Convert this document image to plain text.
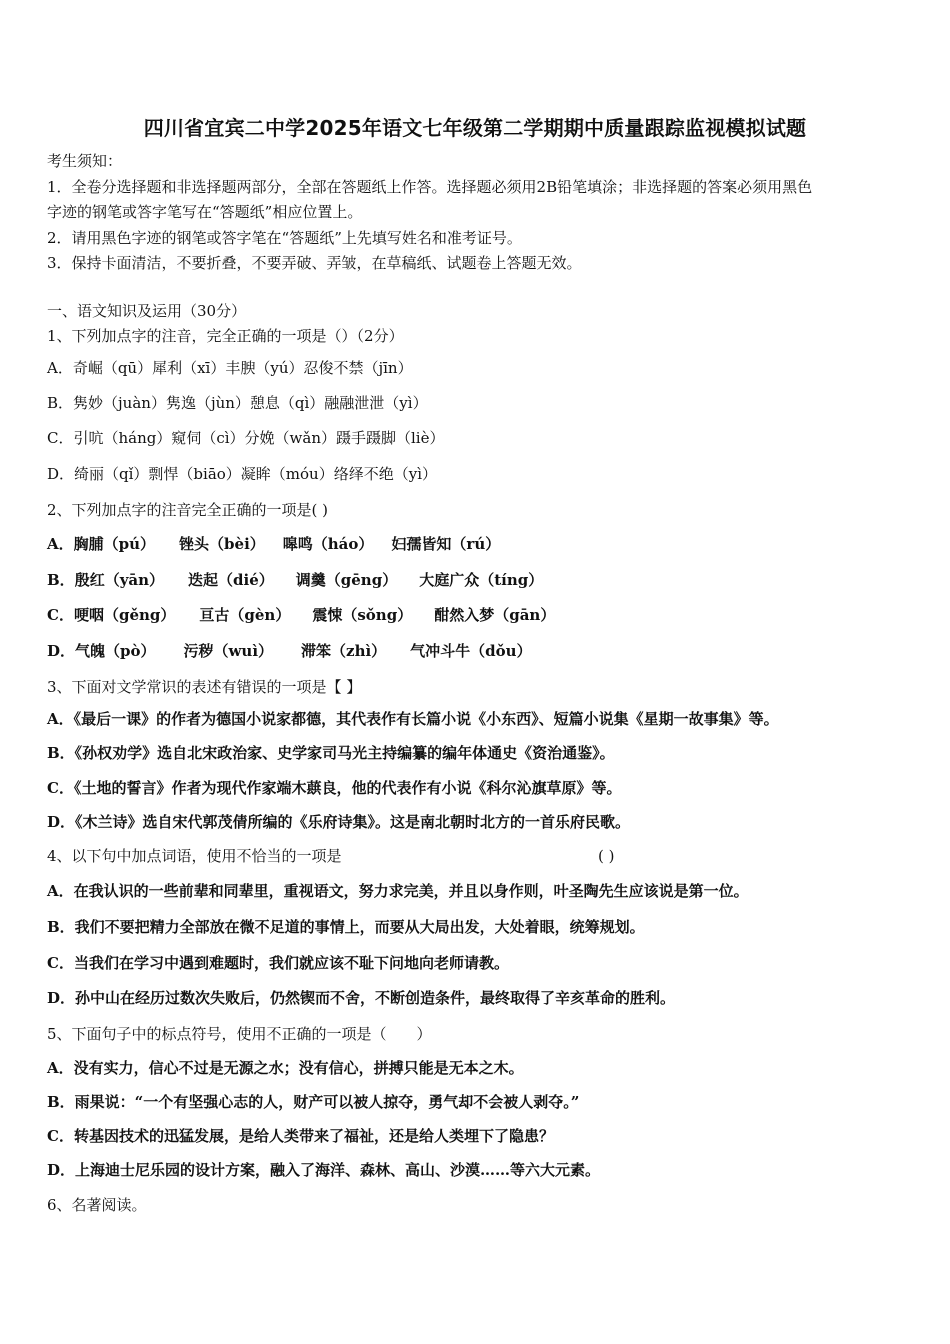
四川省宜宾二中学2025年语文七年级第二学期期中质量跟踪监视模拟试题
考生须知：
1．全卷分选择题和非选择题两部分，全部在答题纸上作答。选择题必须用2B铅笔填涂；非选择题的答案必须用黑色
字迹的钢笔或答字笔写在“答题纸”相应位置上。
2．请用黑色字迹的钢笔或答字笔在“答题纸”上先填写姓名和准考证号。
3．保持卡面清洁，不要折叠，不要弄破、弄皱，在草稿纸、试题卷上答题无效。
一、语文知识及运用（30分）
1、下列加点字的注音，完全正确的一项是（）（2分）
A．奇崛（qū）犀利（xī）丰腴（yú）忍俊不禁（jīn）
B．隽妙（juàn）隽逸（jùn）憩息（qì）融融泄泄（yì）
C．引吭（háng）窥伺（cì）分娩（wǎn）蹑手蹑脚（liè）
D．绮丽（qǐ）剽悍（biāo）凝眸（móu）络绎不绝（yì）
2、下列加点字的注音完全正确的一项是( )
A．胸脯（pú） 锉头（bèi） 嗥鸣（háo） 妇孺皆知（rú）
B．殷红（yān） 迭起（dié） 调羹（gēng） 大庭广众（tíng）
C．哽咽（gěng） 亘古（gèn） 震悚（sǒng） 酣然入梦（gān）
D．气魄（pò） 污秽（wuì） 滞笨（zhì） 气冲斗牛（dǒu）
3、下面对文学常识的表述有错误的一项是【 】
A．《最后一课》的作者为德国小说家都德，其代表作有长篇小说《小东西》、短篇小说集《星期一故事集》等。
B．《孙权劝学》选自北宋政治家、史学家司马光主持编纂的编年体通史《资治通鉴》。
C．《土地的誓言》作者为现代作家端木蕻良，他的代表作有小说《科尔沁旗草原》等。
D．《木兰诗》选自宋代郭茂倩所编的《乐府诗集》。这是南北朝时北方的一首乐府民歌。
4、以下句中加点词语，使用不恰当的一项是	( )
A．在我认识的一些前辈和同辈里，重视语文，努力求完美，并且以身作则，叶圣陶先生应该说是第一位。
B．我们不要把精力全部放在微不足道的事情上，而要从大局出发，大处着眼，统筹规划。
C．当我们在学习中遇到难题时，我们就应该不耻下问地向老师请教。
D．孙中山在经历过数次失败后，仍然锲而不舍，不断创造条件，最终取得了辛亥革命的胜利。
5、下面句子中的标点符号，使用不正确的一项是（　　）
A．没有实力，信心不过是无源之水；没有信心，拼搏只能是无本之木。
B．雨果说：“一个有坚强心志的人，财产可以被人掠夺，勇气却不会被人剥夺。”
C．转基因技术的迅猛发展，是给人类带来了福祉，还是给人类埋下了隐患？
D．上海迪士尼乐园的设计方案，融入了海洋、森林、高山、沙漠……等六大元素。
6、名著阅读。
